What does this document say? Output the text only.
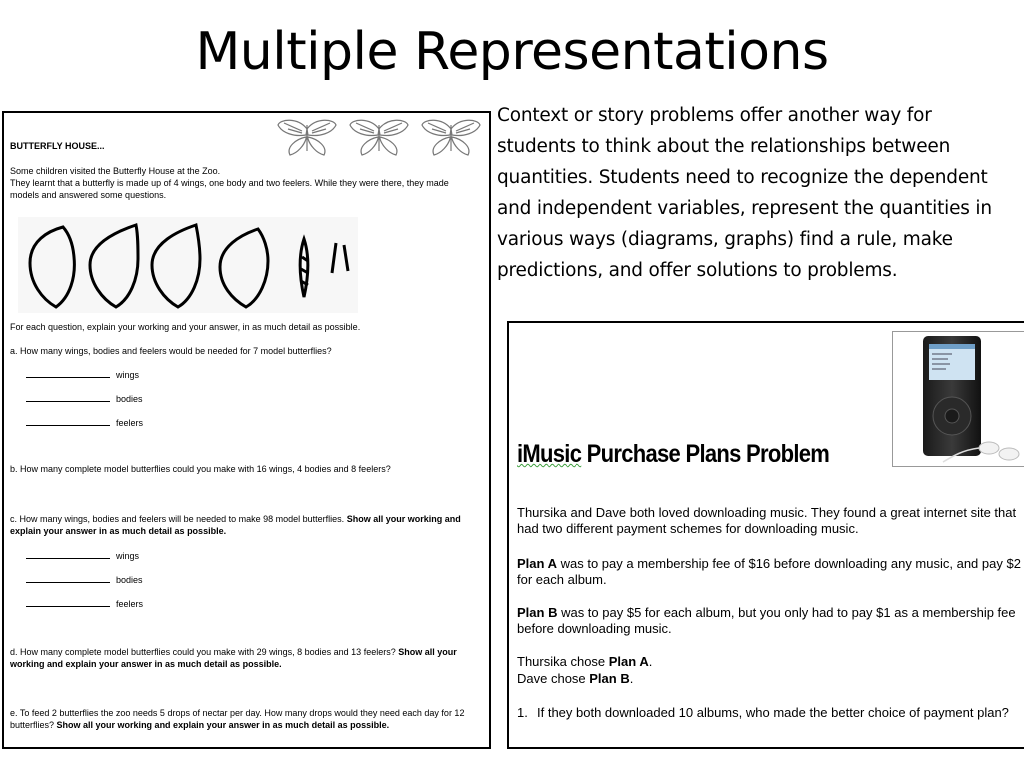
Multiple Representations
BUTTERFLY HOUSE...
Some children visited the Butterfly House at the Zoo.
They learnt that a butterfly is made up of 4 wings, one body and two feelers. While they were there, they made models and answered some questions.
For each question, explain your working and your answer, in as much detail as possible.
a. How many wings, bodies and feelers would be needed for 7 model butterflies?
wings
bodies
feelers
b. How many complete model butterflies could you make with 16 wings, 4 bodies and 8 feelers?
c. How many wings, bodies and feelers will be needed to make 98 model butterflies. Show all your working and explain your answer in as much detail as possible.
wings
bodies
feelers
d. How many complete model butterflies could you make with 29 wings, 8 bodies and 13 feelers? Show all your working and explain your answer in as much detail as possible.
e. To feed 2 butterflies the zoo needs 5 drops of nectar per day. How many drops would they need each day for 12 butterflies? Show all your working and explain your answer in as much detail as possible.
Context or story problems offer another way for students to think about the relationships between quantities. Students need to recognize the dependent and independent variables, represent the quantities in various ways (diagrams, graphs) find a rule, make predictions, and offer solutions to problems.
iMusic Purchase Plans Problem
Thursika and Dave both loved downloading music. They found a great internet site that had two different payment schemes for downloading music.
Plan A was to pay a membership fee of $16 before downloading any music, and pay $2 for each album.
Plan B was to pay $5 for each album, but you only had to pay $1 as a membership fee before downloading music.
Thursika chose Plan A.
Dave chose Plan B.
1. If they both downloaded 10 albums, who made the better choice of payment plan?
